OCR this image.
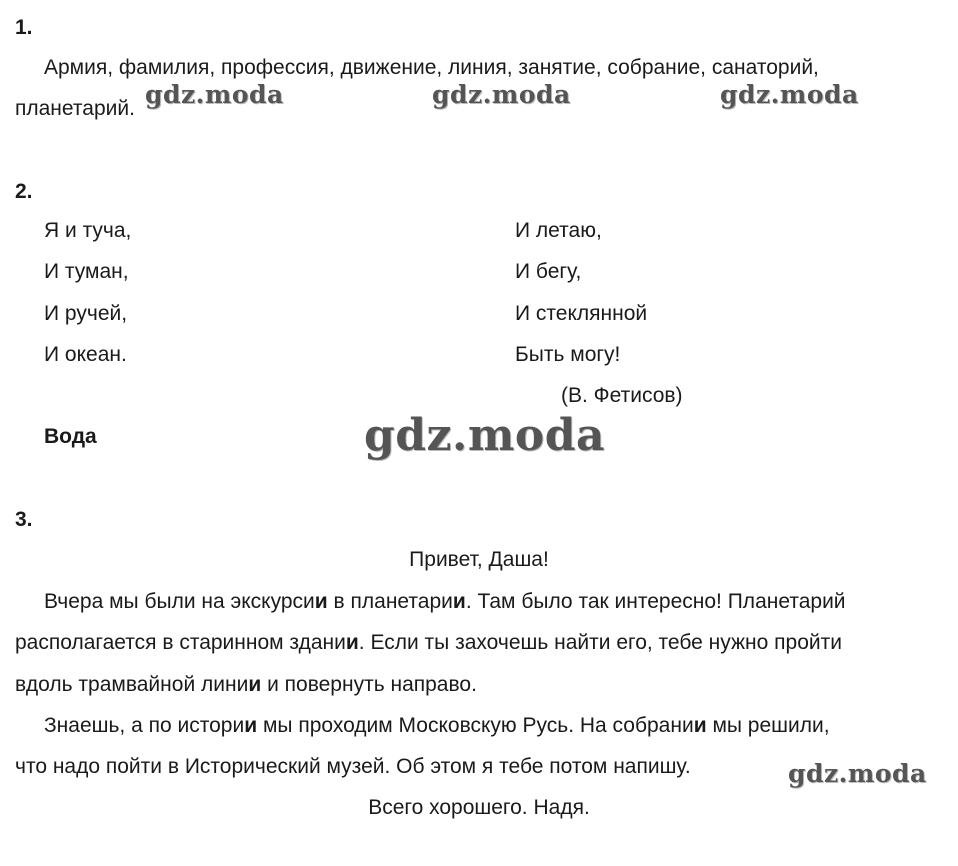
1.
Армия, фамилия, профессия, движение, линия, занятие, собрание, санаторий,
планетарий. gdz.moda	gdz.moda	gdz.moda
2.
Я и туча,
И туман,
И ручей,
И океан.
И летаю,
И бегу,
И стеклянной
Быть могу!
(В. Фетисов)
Вода	gdz.moda
3.
Привет, Даша!
Вчера мы были на экскурсии в планетарии. Там было так интересно! Планетарий
располагается в старинном здании. Если ты захочешь найти его, тебе нужно пройти
вдоль трамвайной линии и повернуть направо.
Знаешь, а по истории мы проходим Московскую Русь. На собрании мы решили,
что надо пойти в Исторический музей. Об этом я тебе потом напишу.	gdz.moda
Всего хорошего. Надя.
